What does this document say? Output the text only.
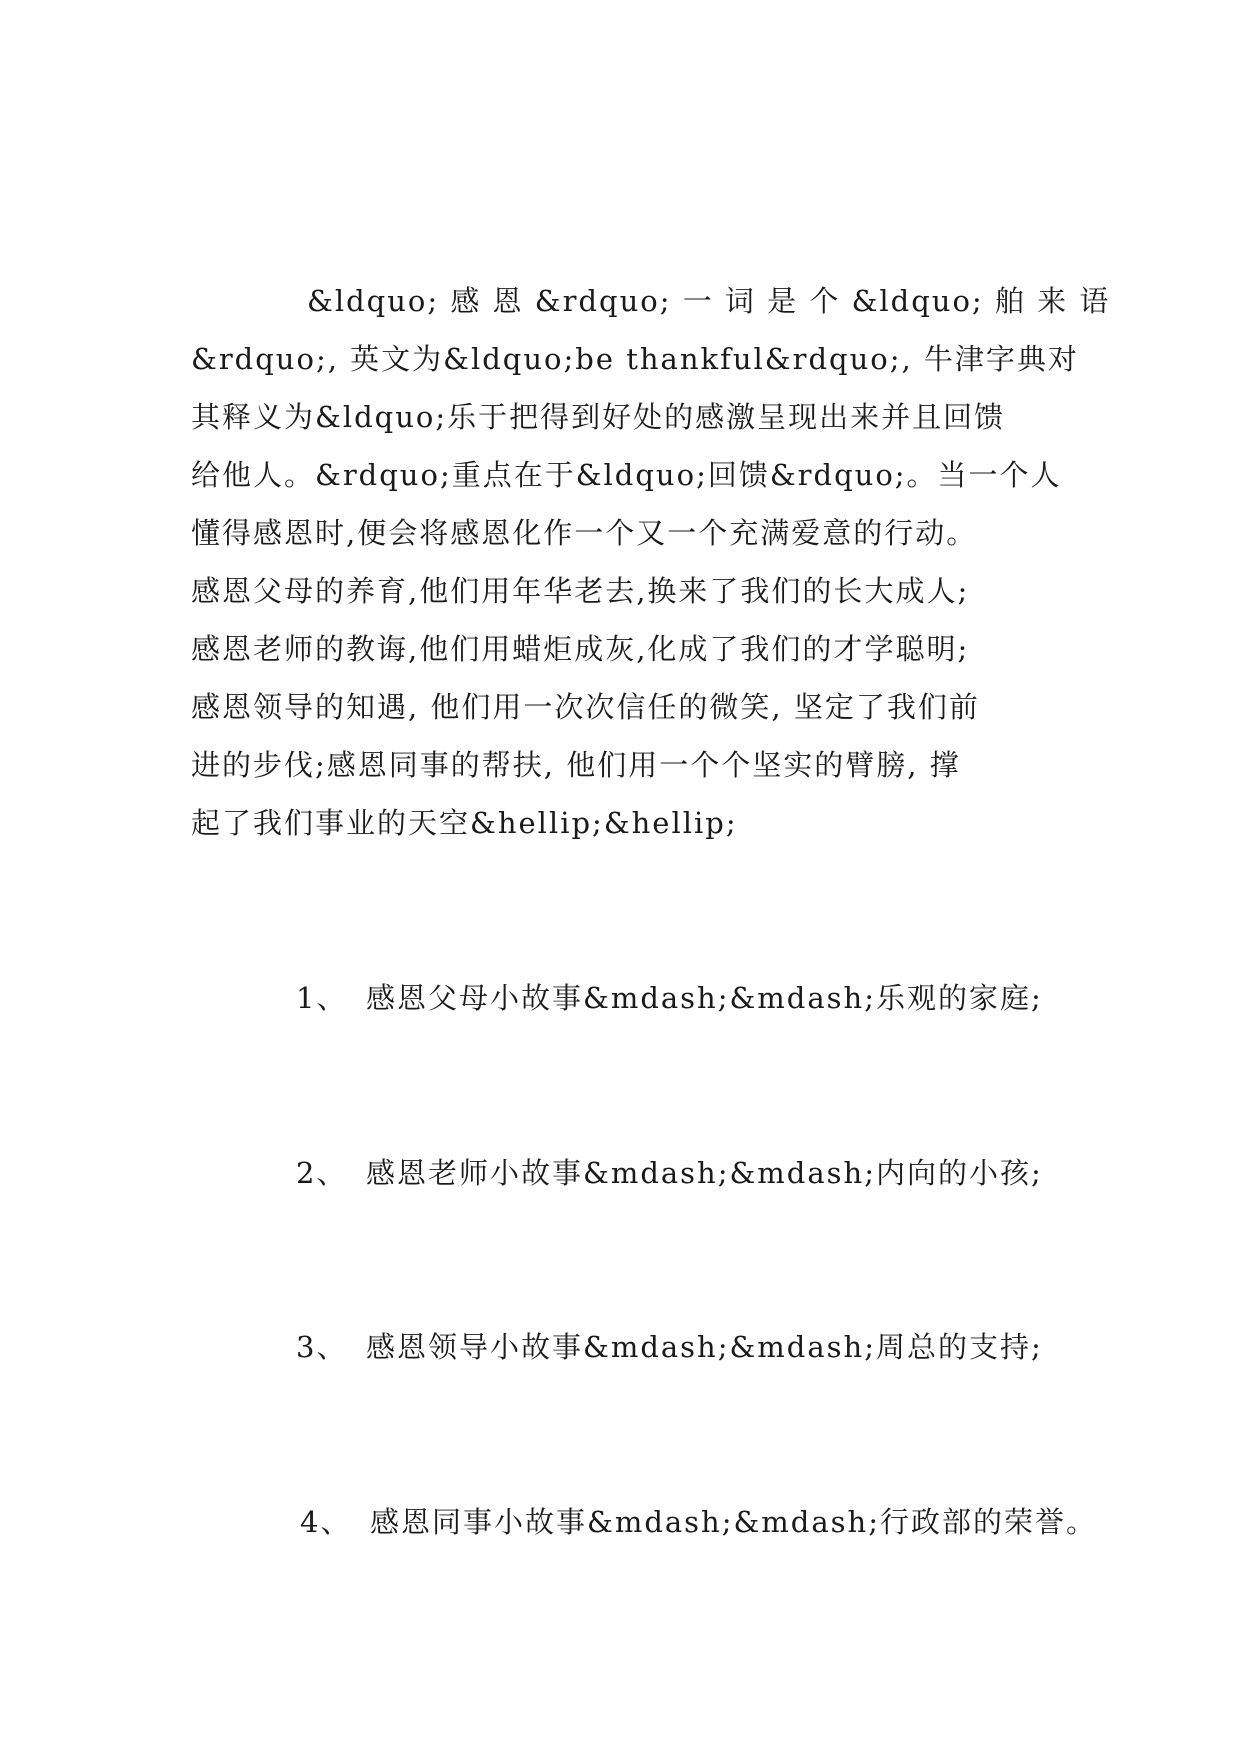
&ldquo; 感 恩 &rdquo; 一 词 是 个 &ldquo; 舶 来 语
&rdquo;, 英文为&ldquo;be thankful&rdquo;, 牛津字典对
其释义为&ldquo;乐于把得到好处的感激呈现出来并且回馈
给他人。&rdquo;重点在于&ldquo;回馈&rdquo;。当一个人
懂得感恩时,便会将感恩化作一个又一个充满爱意的行动。
感恩父母的养育,他们用年华老去,换来了我们的长大成人;
感恩老师的教诲,他们用蜡炬成灰,化成了我们的才学聪明;
感恩领导的知遇, 他们用一次次信任的微笑, 坚定了我们前
进的步伐;感恩同事的帮扶, 他们用一个个坚实的臂膀, 撑
起了我们事业的天空&hellip;&hellip;

1、 感恩父母小故事&mdash;&mdash;乐观的家庭;

2、 感恩老师小故事&mdash;&mdash;内向的小孩;

3、 感恩领导小故事&mdash;&mdash;周总的支持;

4、 感恩同事小故事&mdash;&mdash;行政部的荣誉。
